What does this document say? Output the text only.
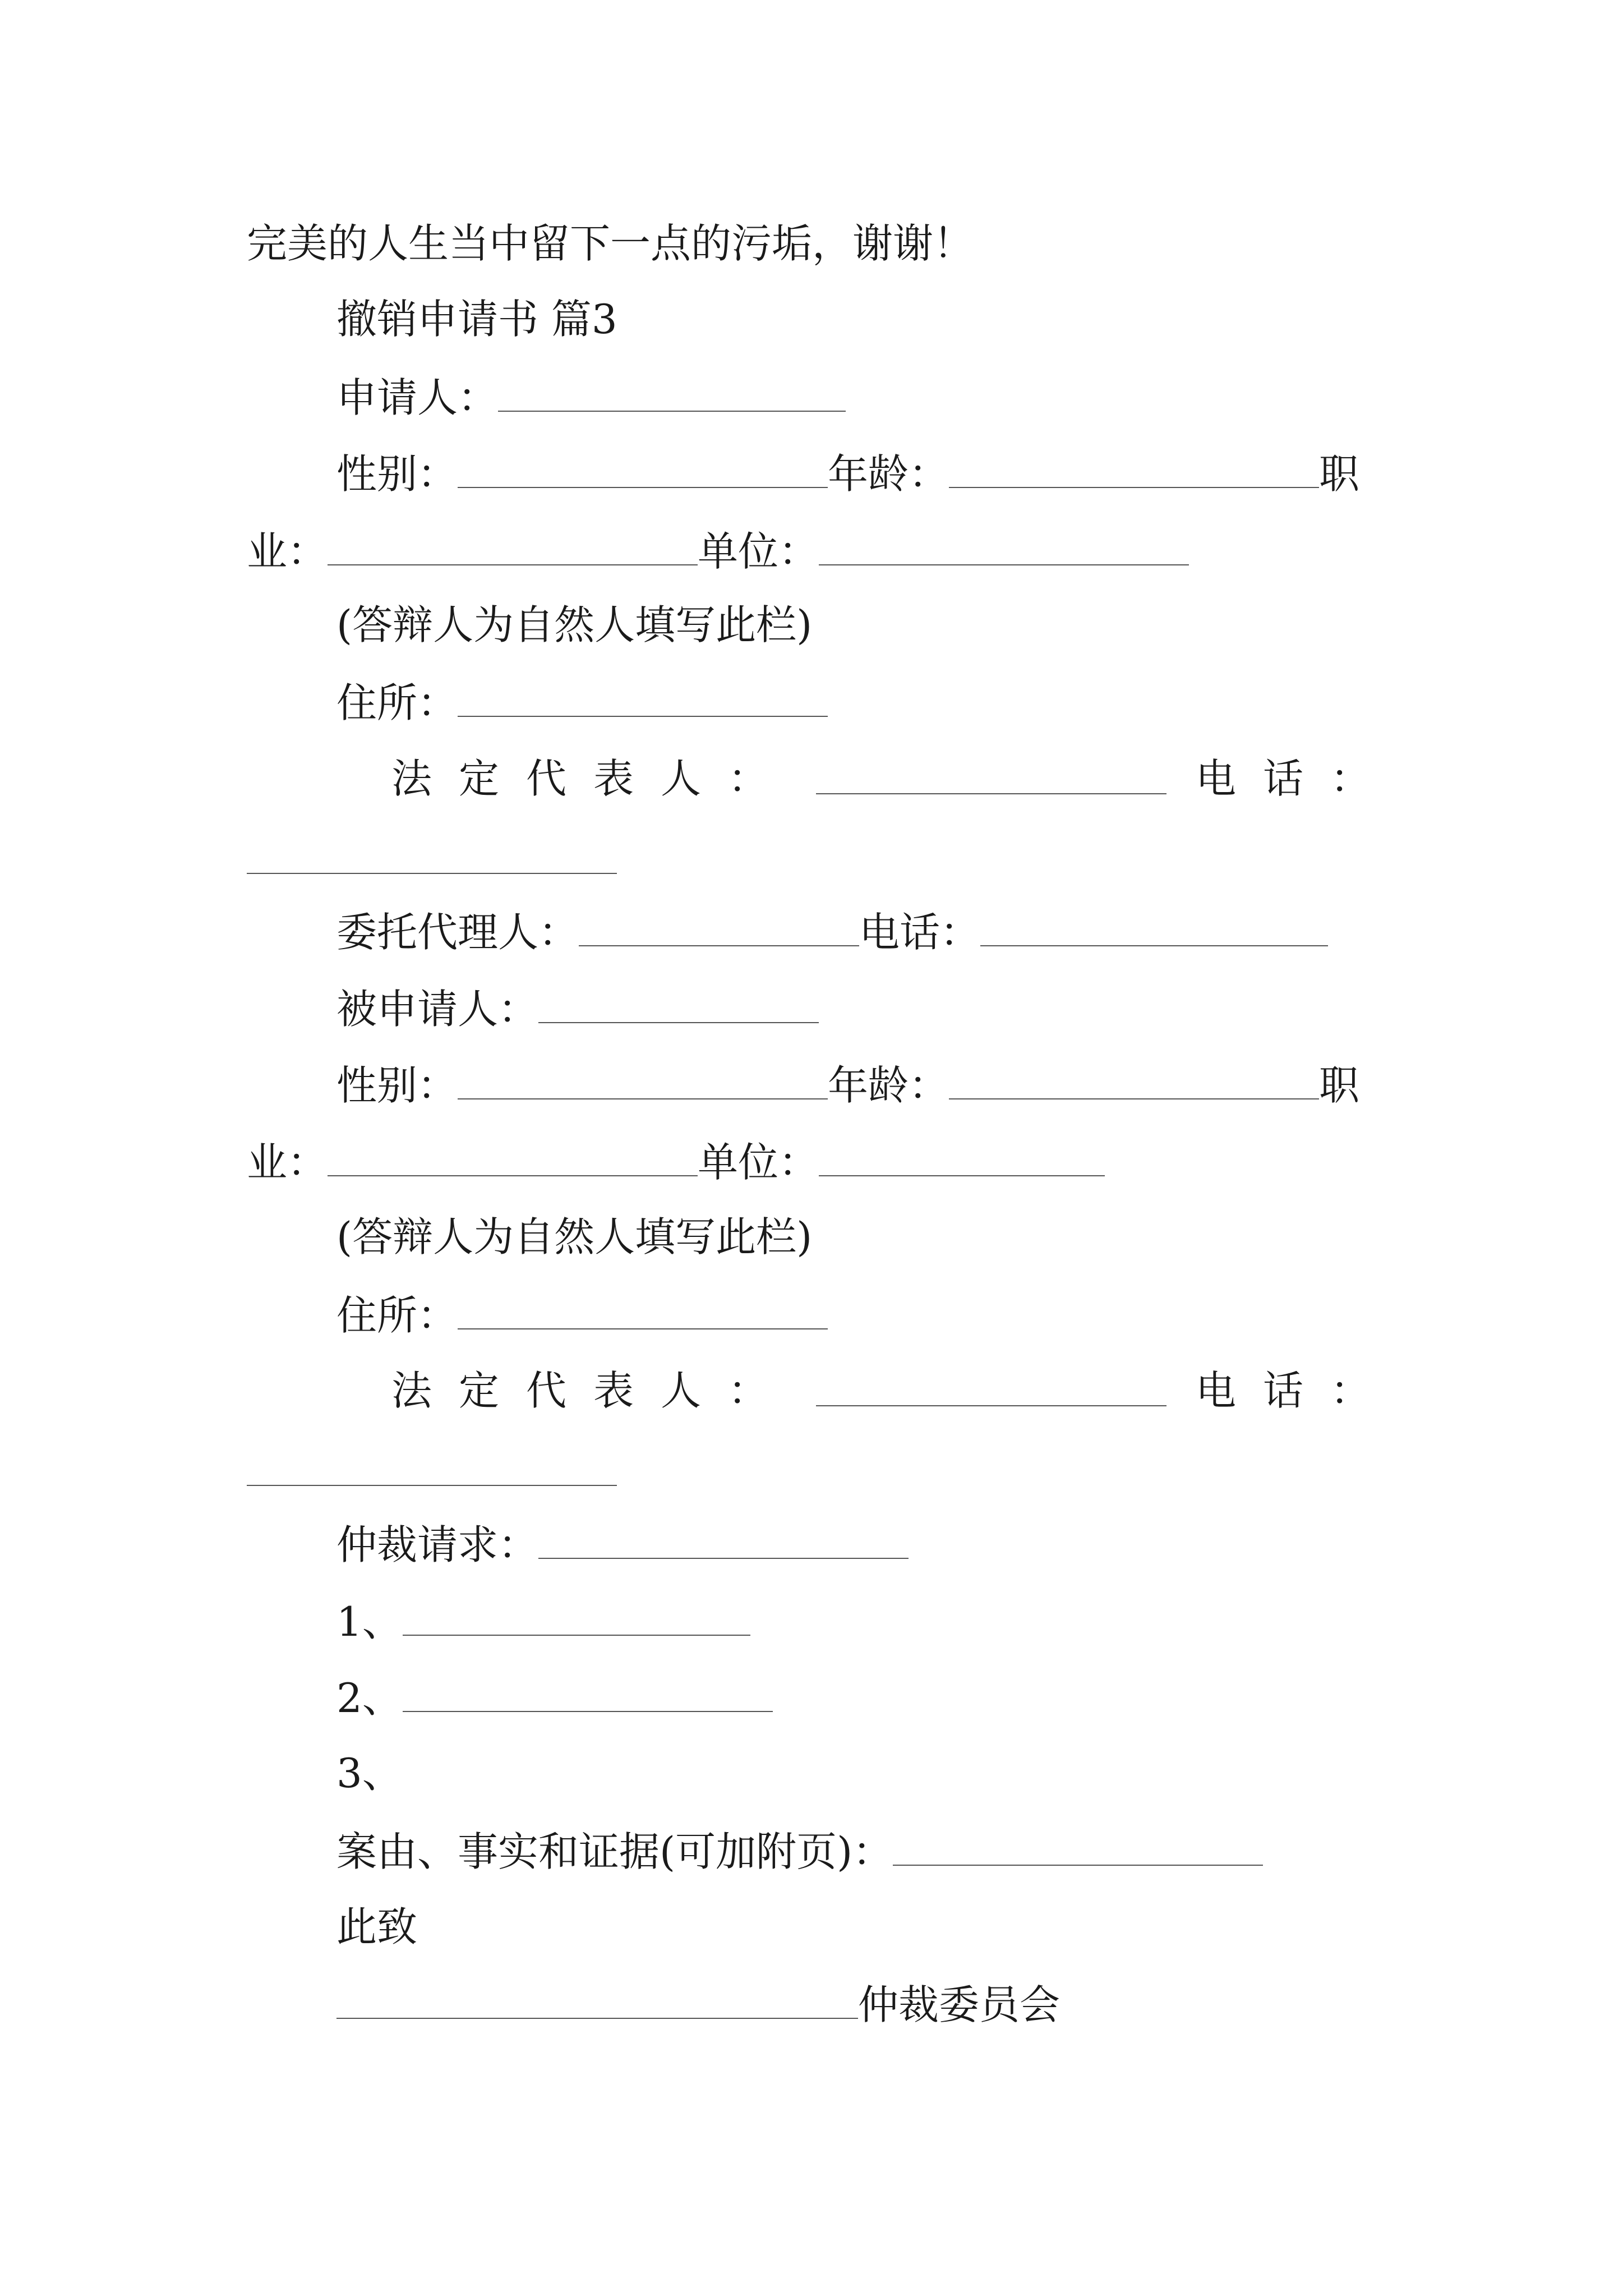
完美的人生当中留下一点的污垢，谢谢！

撤销申请书 篇3

申请人：

性别：	年龄：	职

业：	单位：

(答辩人为自然人填写此栏)

住所：

法定代表人：	电话：

委托代理人：	电话：

被申请人：

性别：	年龄：	职

业：	单位：

(答辩人为自然人填写此栏)

住所：

法定代表人：	电话：

仲裁请求：

1、

2、

3、

案由、事实和证据(可加附页)：

此致

仲裁委员会
